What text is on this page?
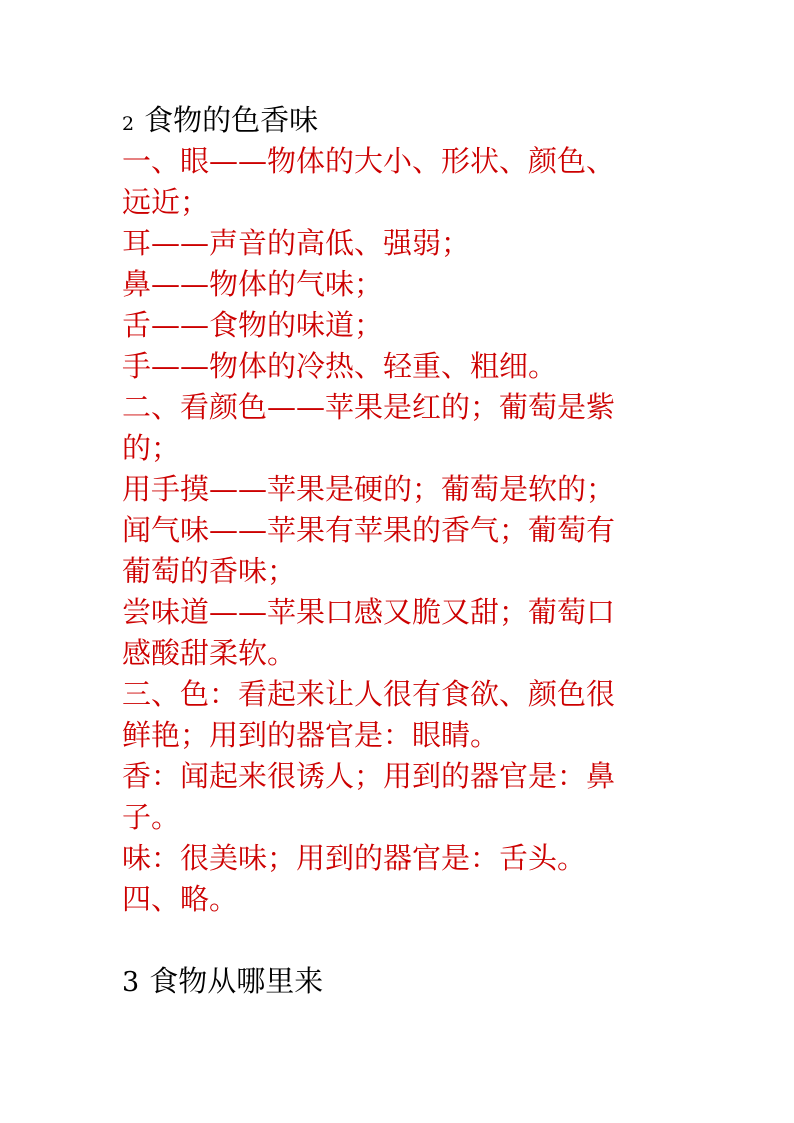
2 食物的色香味
一、眼——物体的大小、形状、颜色、
远近；
耳——声音的高低、强弱；
鼻——物体的气味；
舌——食物的味道；
手——物体的冷热、轻重、粗细。
二、看颜色——苹果是红的；葡萄是紫
的；
用手摸——苹果是硬的；葡萄是软的；
闻气味——苹果有苹果的香气；葡萄有
葡萄的香味；
尝味道——苹果口感又脆又甜；葡萄口
感酸甜柔软。
三、色：看起来让人很有食欲、颜色很
鲜艳；用到的器官是：眼睛。
香：闻起来很诱人；用到的器官是：鼻
子。
味：很美味；用到的器官是：舌头。
四、略。
3 食物从哪里来
